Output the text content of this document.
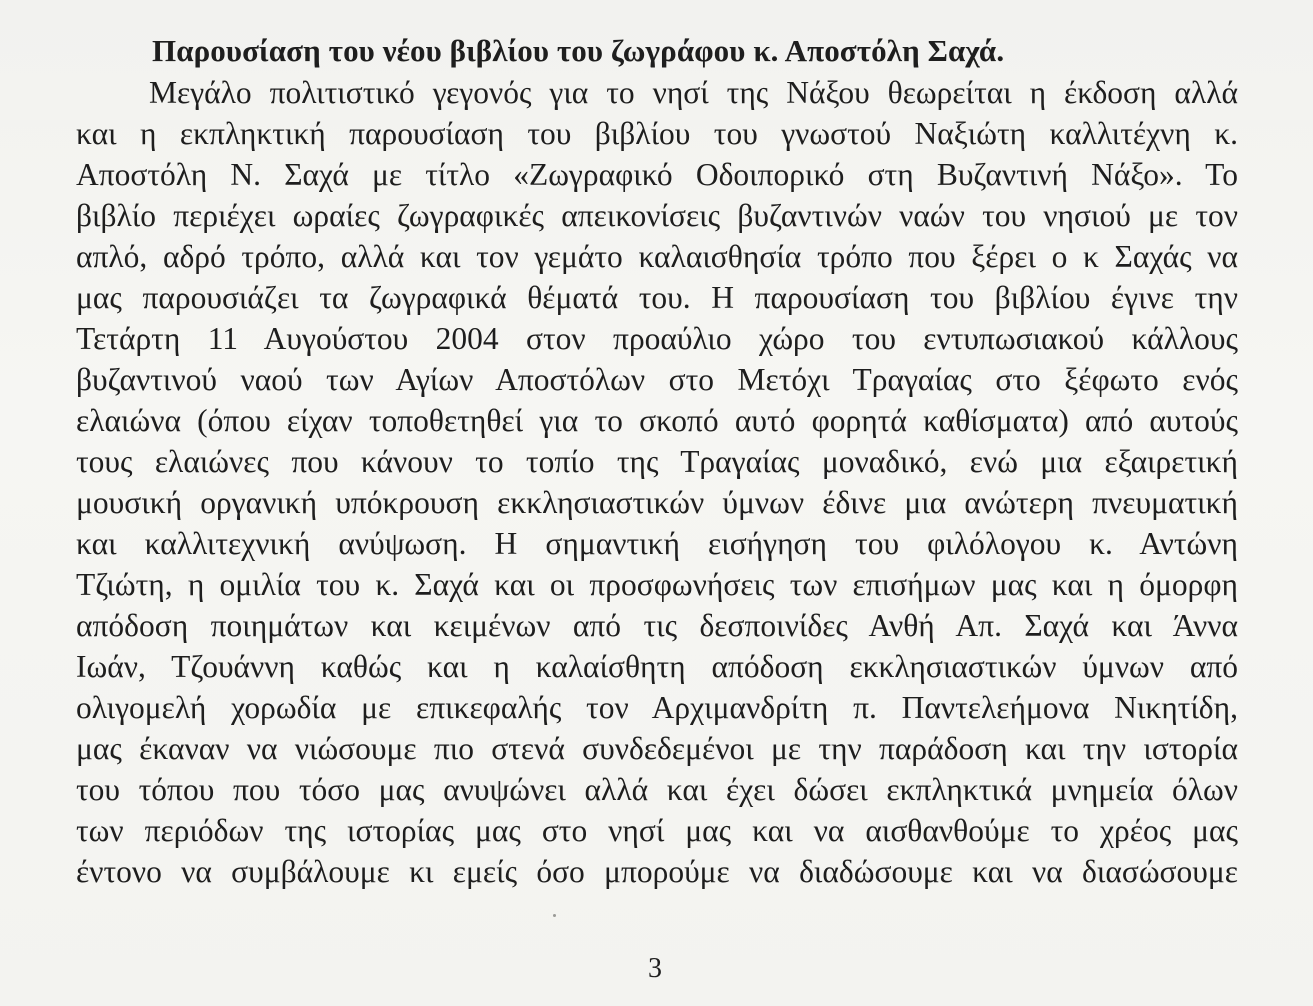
Παρουσίαση του νέου βιβλίου του ζωγράφου κ. Αποστόλη Σαχά.
Μεγάλο πολιτιστικό γεγονός για το νησί της Νάξου θεωρείται η έκδοση αλλά
και η εκπληκτική παρουσίαση του βιβλίου του γνωστού Ναξιώτη καλλιτέχνη κ.
Αποστόλη Ν. Σαχά με τίτλο «Ζωγραφικό Οδοιπορικό στη Βυζαντινή Νάξο». Το
βιβλίο περιέχει ωραίες ζωγραφικές απεικονίσεις βυζαντινών ναών του νησιού με τον
απλό, αδρό τρόπο, αλλά και τον γεμάτο καλαισθησία τρόπο που ξέρει ο κ Σαχάς να
μας παρουσιάζει τα ζωγραφικά θέματά του. Η παρουσίαση του βιβλίου έγινε την
Τετάρτη 11 Αυγούστου 2004 στον προαύλιο χώρο του εντυπωσιακού κάλλους
βυζαντινού ναού των Αγίων Αποστόλων στο Μετόχι Τραγαίας στο ξέφωτο ενός
ελαιώνα (όπου είχαν τοποθετηθεί για το σκοπό αυτό φορητά καθίσματα) από αυτούς
τους ελαιώνες που κάνουν το τοπίο της Τραγαίας μοναδικό, ενώ μια εξαιρετική
μουσική οργανική υπόκρουση εκκλησιαστικών ύμνων έδινε μια ανώτερη πνευματική
και καλλιτεχνική ανύψωση. Η σημαντική εισήγηση του φιλόλογου κ. Αντώνη
Τζιώτη, η ομιλία του κ. Σαχά και οι προσφωνήσεις των επισήμων μας και η όμορφη
απόδοση ποιημάτων και κειμένων από τις δεσποινίδες Ανθή Απ. Σαχά και Άννα
Ιωάν, Τζουάννη καθώς και η καλαίσθητη απόδοση εκκλησιαστικών ύμνων από
ολιγομελή χορωδία με επικεφαλής τον Αρχιμανδρίτη π. Παντελεήμονα Νικητίδη,
μας έκαναν να νιώσουμε πιο στενά συνδεδεμένοι με την παράδοση και την ιστορία
του τόπου που τόσο μας ανυψώνει αλλά και έχει δώσει εκπληκτικά μνημεία όλων
των περιόδων της ιστορίας μας στο νησί μας και να αισθανθούμε το χρέος μας
έντονο να συμβάλουμε κι εμείς όσο μπορούμε να διαδώσουμε και να διασώσουμε
3
